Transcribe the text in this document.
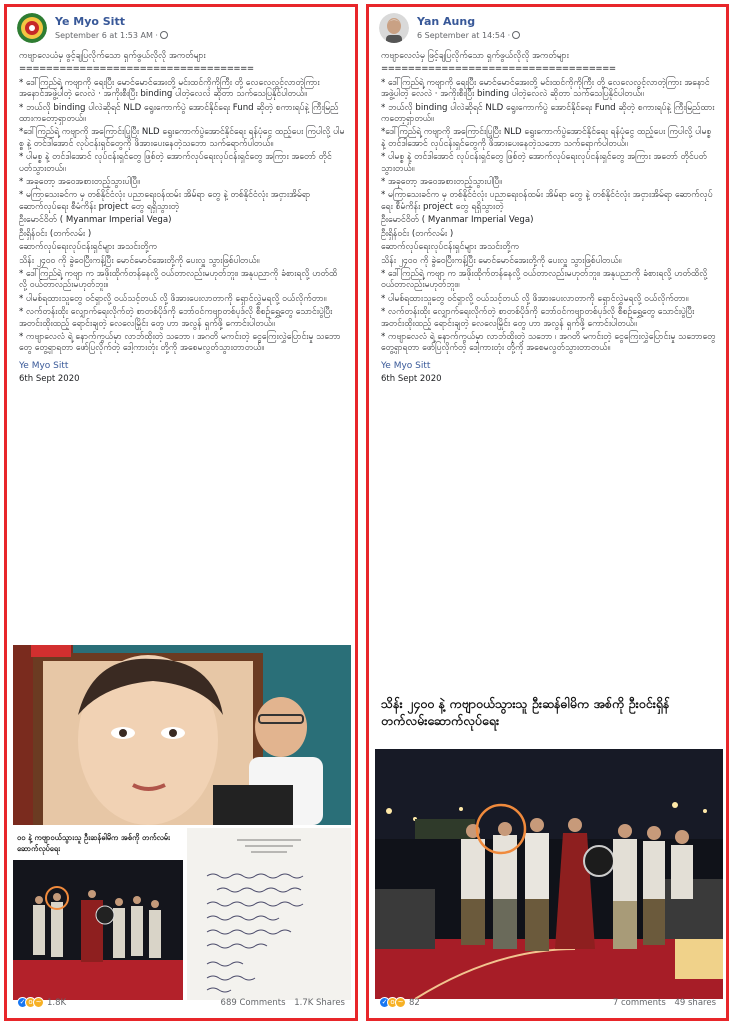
Ye Myo Sitt
September 6 at 1:53 AM ·

ကဗျာလေယံမှ ဖွင့်ချပြလိုက်သော ရှက်ဖွယ်လိုလို အကတ်များ

===================================

* ဒေါ်ကြည်ရဲ့ ကဗျာကို ရေးပြီး မောင်မောင်အေးတို့ မင်းထင်ကိုကိုကြီး တို့ လေလေလွင့်လာတဲ့ကြား အနောင်အဖွဲ့ပါတဲ့ လေလဲ · အကိုးစီးပြီး binding ပါတဲ့လေလဲ ဆိုတာ သက်သေပြနိုင်ပါတယ်။

* ဘယ်လို binding ပါလဲဆိုရင် NLD ရွေးကောက်ပွဲ အောင်နိုင်ရေး Fund ဆိုတဲ့ စကားရပ်နဲ့ ကြီးမြည်ထားကတော့ရှာတယ်။

*ဒေါ်ကြည်ရဲ့ ကဗျာကို အကြောင်းပြုပြီး NLD ရွေးကောက်ပွဲအောင်နိုင်ရေး ရန်ပုံငွေ ထည့်ပေး ကြပါလို့ ပါမစ္စ နဲ့ တင်ဒါအောင် လုပ်ငန်းရှင်တွေကို ဖိအားပေးနေတဲ့သဘော သက်ရောက်ပါတယ်။

* ပါမစ္စ နဲ့ တင်ဒါအောင် လုပ်ငန်းရှင်တွေ ဖြစ်တဲ့ အောက်လုပ်ရေးလုပ်ငန်းရှင်တွေ အကြား အတော် တိုင်ပတ်သွားတယ်။

* အခုတော့ အဝေအစားတည့်သွားပါပြီ။

* မကြာသေးခင်က မှ တစ်နိုင်ငံလုံး ပညာရေးဝန်ထမ်း အိမ်ရာ တွေ နဲ့ တစ်နိုင်ငံလုံး အငှားအိမ်ရာ ဆောက်လုပ်ရေး စီမံကိန်း project တွေ ရရှိသွားတဲ့

ဦးမောင်ဝိတ် ( Myanmar Imperial Vega)

ဦးရှိန်ဝင်း (တက်လမ်း )

ဆောက်လုပ်ရေးလုပ်ငန်းရှင်များ အသင်းတို့က

သိန်း ၂၄၀၀ ကို ခွဲဝေပြီးကန့်ပြီး မောင်မောင်အေးတို့ကို ပေးလှူ သွားဖြစ်ပါတယ်။

* ဒေါ်ကြည်ရဲ့ ကဗျာ က အဖိုးထိုက်တန်နေလို့ ဝယ်တာလည်းမဟုတ်ဘူး၊ အနုပညာကို ခံစားရလို့ ဟတ်ထိလို့ ဝယ်တာလည်းမဟုတ်ဘူး။

* ပါမစ်ရထားသူတွေ ဝင်ရှာလို့ ဝယ်သင့်တယ် လို့ ဖိအားပေးလာတာကို ရှောင်လွှဲမရလို့ ဝယ်လိုက်တာ။

* လက်တန်းထိုး လျှောက်ရေးလိုက်တဲ့ စာတစ်ပိုဒ်ကို ဘော်ဝင်ကဗျာတစ်ပုဒ်လို စီစဉ်ရွှေ့တွေ သောင်းပွဲပြီး အတင်းထိုးထည့် ရောင်းချတဲ့ လေလေမြိုင်း တွေ ဟာ အလွန် ရှက်ဖို့ ကောင်းပါတယ်။

* ကဗျာလေလံ ရဲ့ နောက်ကွယ်မှာ လာဘ်ထိုးတဲ့ သဘော ၊ အဂတိ မကင်းတဲ့ ငွေကြေးလွှဲပြောင်းမှု သဘောတွေ တွေ့ရှာရတာ ဖော်ပြလိုက်တဲ့ ဒေါ့ကားတုံး တို့ကို အစေမလွတ်သွားတာတယ်။

Ye Myo Sitt
6th Sept 2020
၀၀ နဲ့ ကဗျာဝယ်သွားသူ ဦးဆန်ဓါမိက အစ်ကို တက်လမ်းဆောက်လုပ်ရေး
✓ o ~ 1.8K	689 Comments 1.7K Shares
Yan Aung
6 September at 14:54 ·

ကဗျာလေလံမှ ဖြင့်ချပြလိုက်သော ရှက်ဖွယ်လိုလို အကတ်များ

===================================

* ဒေါ်ကြည်ရဲ့ ကဗျာကို ရေးပြီး မောင်မောင်အေးတို့ မင်းထင်ကိုကိုကြီး တို့ လေလေလွင့်လာတဲ့ကြား အနောင်အဖွဲ့ပါတဲ့ လေလဲ · အကိုးစီးပြီး binding ပါတဲ့လေလဲ ဆိုတာ သက်သေပြနိုင်ပါတယ်။

* ဘယ်လို binding ပါလဲဆိုရင် NLD ရွေးကောက်ပွဲ အောင်နိုင်ရေး Fund ဆိုတဲ့ စကားရပ်နဲ့ ကြီးမြည်ထားကတော့ရှာတယ်။

*ဒေါ်ကြည်ရဲ့ ကဗျာကို အကြောင်းပြုပြီး NLD ရွေးကောက်ပွဲအောင်နိုင်ရေး ရန်ပုံငွေ ထည့်ပေး ကြပါလို့ ပါမစ္စ နဲ့ တင်ဒါအောင် လုပ်ငန်းရှင်တွေကို ဖိအားပေးနေတဲ့သဘော သက်ရောက်ပါတယ်။

* ပါမစ္စ နဲ့ တင်ဒါအောင် လုပ်ငန်းရှင်တွေ ဖြစ်တဲ့ အောက်လုပ်ရေးလုပ်ငန်းရှင်တွေ အကြား အတော် တိုင်ပတ်သွားတယ်။

* အခုတော့ အဝေအစားတည့်သွားပါပြီ။

* မကြာသေးခင်က မှ တစ်နိုင်ငံလုံး ပညာရေးဝန်ထမ်း အိမ်ရာ တွေ နဲ့ တစ်နိုင်ငံလုံး အငှားအိမ်ရာ ဆောက်လုပ်ရေး စီမံကိန်း project တွေ ရရှိသွားတဲ့

ဦးမောင်ဝိတ် ( Myanmar Imperial Vega)

ဦးရှိန်ဝင်း (တက်လမ်း )

ဆောက်လုပ်ရေးလုပ်ငန်းရှင်များ အသင်းတို့က

သိန်း ၂၄၀၀ ကို ခွဲဝေပြီးကန့်ပြီး မောင်မောင်အေးတို့ကို ပေးလှူ သွားဖြစ်ပါတယ်။

* ဒေါ်ကြည်ရဲ့ ကဗျာ က အဖိုးထိုက်တန်နေလို့ ဝယ်တာလည်းမဟုတ်ဘူး၊ အနုပညာကို ခံစားရလို့ ဟတ်ထိလို့ ဝယ်တာလည်းမဟုတ်ဘူး။

* ပါမစ်ရထားသူတွေ ဝင်ရှာလို့ ဝယ်သင့်တယ် လို့ ဖိအားပေးလာတာကို ရှောင်လွှဲမရလို့ ဝယ်လိုက်တာ။

* လက်တန်းထိုး လျှောက်ရေးလိုက်တဲ့ စာတစ်ပိုဒ်ကို ဘော်ဝင်ကဗျာတစ်ပုဒ်လို စီစဉ်ရွှေ့တွေ သောင်းပွဲပြီး အတင်းထိုးထည့် ရောင်းချတဲ့ လေလေမြိုင်း တွေ ဟာ အလွန် ရှက်ဖို့ ကောင်းပါတယ်။

* ကဗျာလေလံ ရဲ့ နောက်ကွယ်မှာ လာဘ်ထိုးတဲ့ သဘော ၊ အဂတိ မကင်းတဲ့ ငွေကြေးလွှဲပြောင်းမှု သဘောတွေ တွေ့ရှာရတာ ဖော်ပြလိုက်တဲ့ ဒေါ့ကားတုံး တို့ကို အစေမလွတ်သွားတာတယ်။

Ye Myo Sitt
6th Sept 2020
သိန်း ၂၄၀၀ နဲ့ ကဗျာဝယ်သွားသူ ဦးဆန်ဓါမိက အစ်ကို ဦးဝင်းရှိန် တက်လမ်းဆောက်လုပ်ရေး
✓ o ~ 82	7 comments 49 shares
